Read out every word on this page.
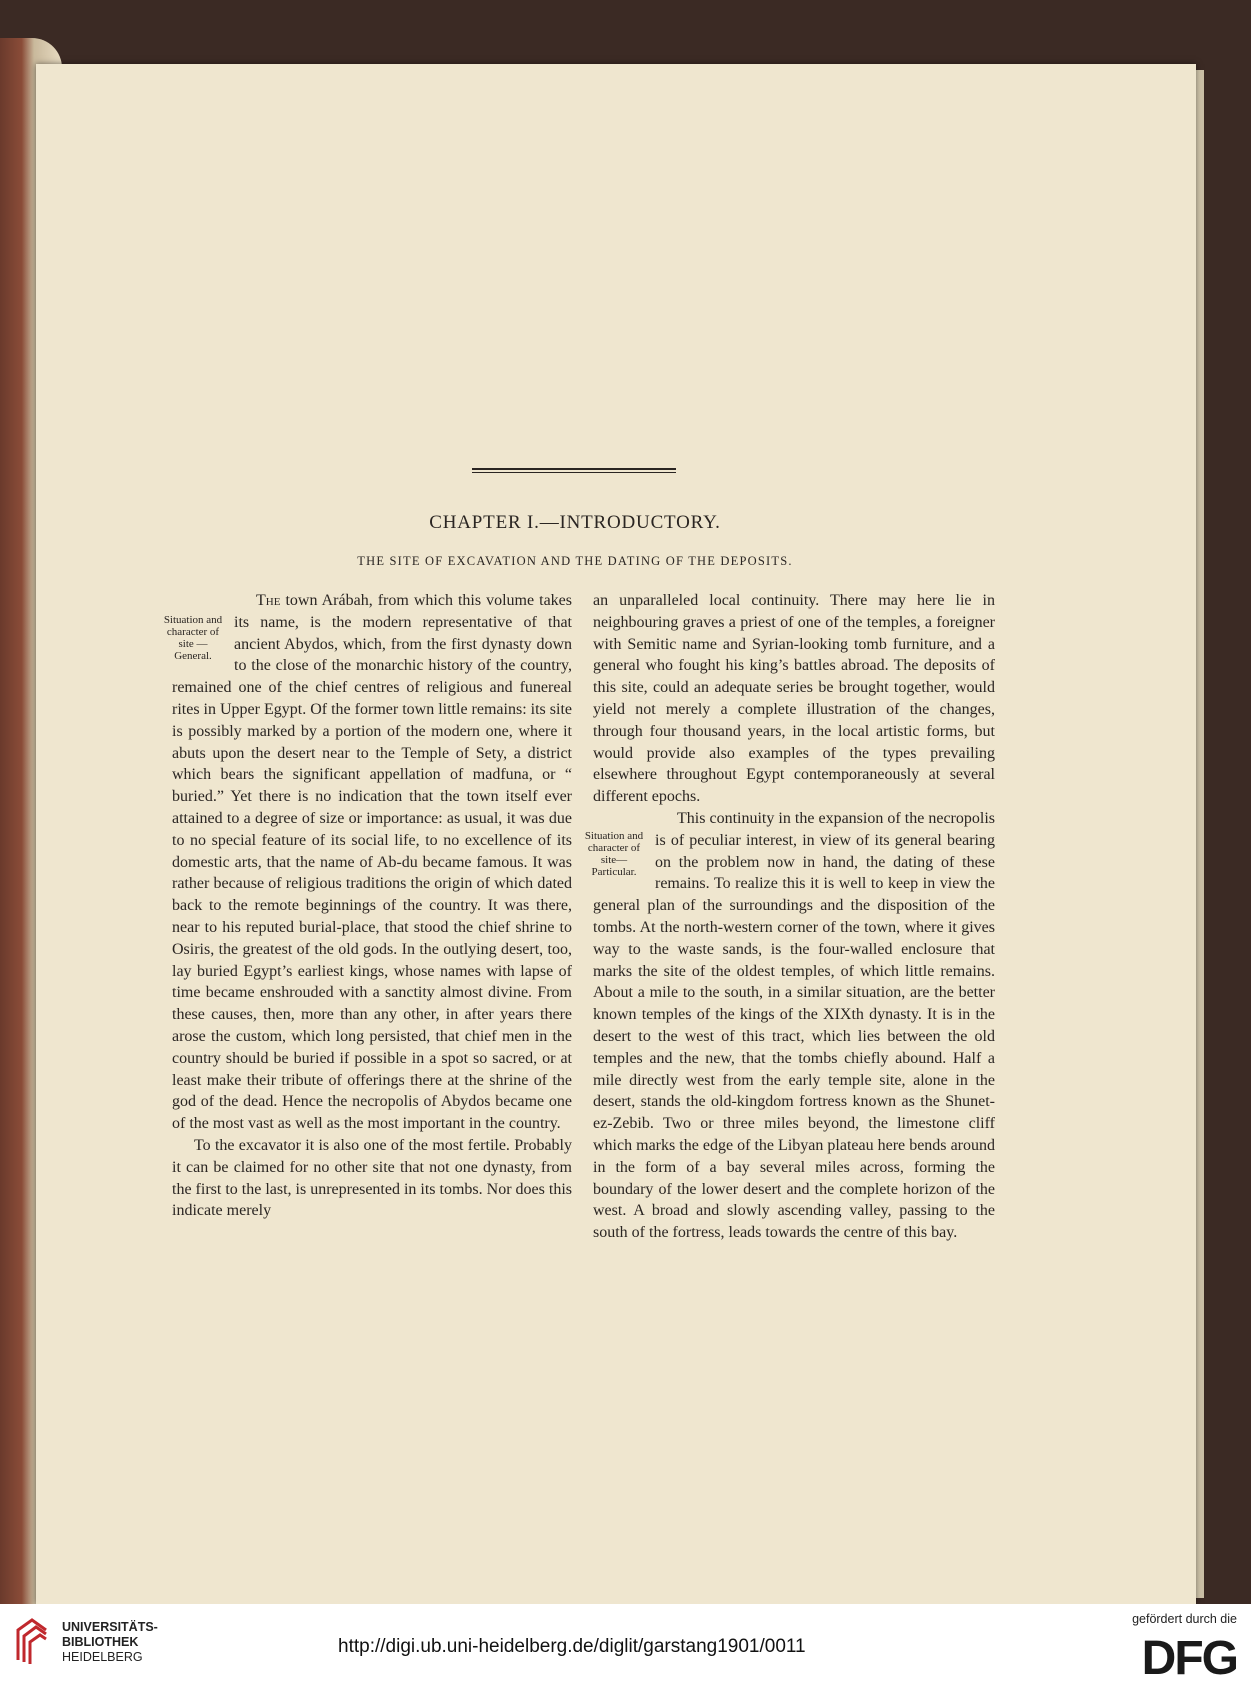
CHAPTER I.—INTRODUCTORY.
THE SITE OF EXCAVATION AND THE DATING OF THE DEPOSITS.
Situation and character of site —General.

The town Arábah, from which this volume takes its name, is the modern representative of that ancient Abydos, which, from the first dynasty down to the close of the monarchic history of the country, remained one of the chief centres of religious and funereal rites in Upper Egypt. Of the former town little remains: its site is possibly marked by a portion of the modern one, where it abuts upon the desert near to the Temple of Sety, a district which bears the significant appellation of madfuna, or “ buried.” Yet there is no indication that the town itself ever attained to a degree of size or importance: as usual, it was due to no special feature of its social life, to no excellence of its domestic arts, that the name of Ab-du became famous. It was rather because of religious traditions the origin of which dated back to the remote beginnings of the country. It was there, near to his reputed burial-place, that stood the chief shrine to Osiris, the greatest of the old gods. In the outlying desert, too, lay buried Egypt’s earliest kings, whose names with lapse of time became enshrouded with a sanctity almost divine. From these causes, then, more than any other, in after years there arose the custom, which long persisted, that chief men in the country should be buried if possible in a spot so sacred, or at least make their tribute of offerings there at the shrine of the god of the dead. Hence the necropolis of Abydos became one of the most vast as well as the most important in the country.

To the excavator it is also one of the most fertile. Probably it can be claimed for no other site that not one dynasty, from the first to the last, is unrepresented in its tombs. Nor does this indicate merely

an unparalleled local continuity. There may here lie in neighbouring graves a priest of one of the temples, a foreigner with Semitic name and Syrian-looking tomb furniture, and a general who fought his king’s battles abroad. The deposits of this site, could an adequate series be brought together, would yield not merely a complete illustration of the changes, through four thousand years, in the local artistic forms, but would provide also examples of the types prevailing elsewhere throughout Egypt contemporaneously at several different epochs.

Situation and character of site—Particular.

This continuity in the expansion of the necropolis is of peculiar interest, in view of its general bearing on the problem now in hand, the dating of these remains. To realize this it is well to keep in view the general plan of the surroundings and the disposition of the tombs. At the north-western corner of the town, where it gives way to the waste sands, is the four-walled enclosure that marks the site of the oldest temples, of which little remains. About a mile to the south, in a similar situation, are the better known temples of the kings of the XIXth dynasty. It is in the desert to the west of this tract, which lies between the old temples and the new, that the tombs chiefly abound. Half a mile directly west from the early temple site, alone in the desert, stands the old-kingdom fortress known as the Shunet-ez-Zebib. Two or three miles beyond, the limestone cliff which marks the edge of the Libyan plateau here bends around in the form of a bay several miles across, forming the boundary of the lower desert and the complete horizon of the west. A broad and slowly ascending valley, passing to the south of the fortress, leads towards the centre of this bay.

UNIVERSITÄTS-
BIBLIOTHEK
HEIDELBERG	http://digi.ub.uni-heidelberg.de/diglit/garstang1901/0011
gefördert durch die
DFG
